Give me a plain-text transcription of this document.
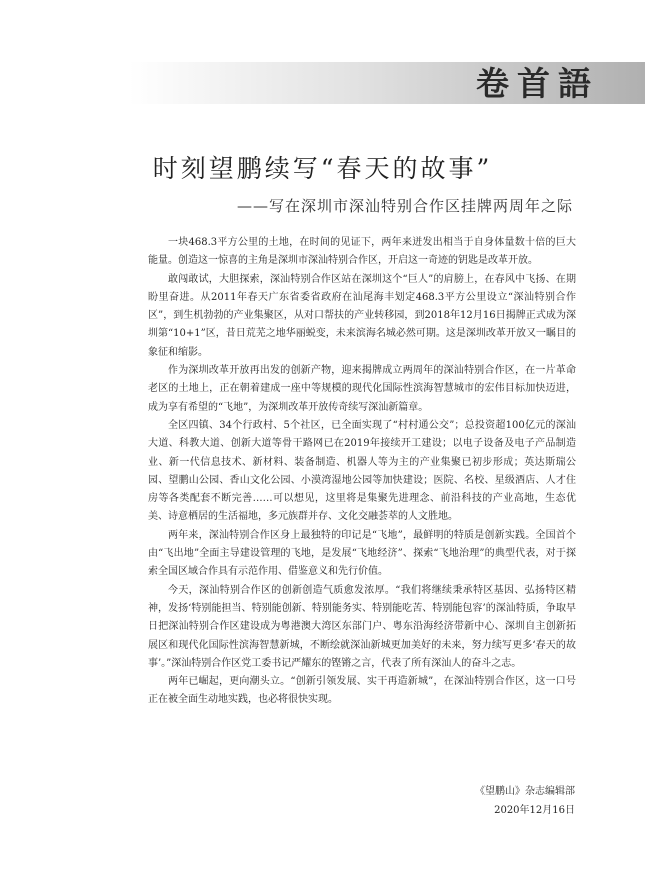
卷首語
时刻望鹏续写“春天的故事”
——写在深圳市深汕特别合作区挂牌两周年之际

一块468.3平方公里的土地，在时间的见证下，两年来迸发出相当于自身体量数十倍的巨大能量。创造这一惊喜的主角是深圳市深汕特别合作区，开启这一奇迹的钥匙是改革开放。

敢闯敢试，大胆探索，深汕特别合作区站在深圳这个“巨人”的肩膀上，在春风中飞扬、在期盼里奋进。从2011年春天广东省委省政府在汕尾海丰划定468.3平方公里设立“深汕特别合作区”，到生机勃勃的产业集聚区，从对口帮扶的产业转移园，到2018年12月16日揭牌正式成为深圳第“10+1”区，昔日荒芜之地华丽蜕变，未来滨海名城必然可期。这是深圳改革开放又一瞩目的象征和缩影。

作为深圳改革开放再出发的创新产物，迎来揭牌成立两周年的深汕特别合作区，在一片革命老区的土地上，正在朝着建成一座中等规模的现代化国际性滨海智慧城市的宏伟目标加快迈进，成为享有希望的“飞地”，为深圳改革开放传奇续写深汕新篇章。

全区四镇、34个行政村、5个社区，已全面实现了“村村通公交”；总投资超100亿元的深汕大道、科教大道、创新大道等骨干路网已在2019年接续开工建设；以电子设备及电子产品制造业、新一代信息技术、新材料、装备制造、机器人等为主的产业集聚已初步形成；英达斯瑞公园、望鹏山公园、香山文化公园、小漠湾湿地公园等加快建设；医院、名校、星级酒店、人才住房等各类配套不断完善……可以想见，这里将是集聚先进理念、前沿科技的产业高地，生态优美、诗意栖居的生活福地，多元族群并存、文化交融荟萃的人文胜地。

两年来，深汕特别合作区身上最独特的印记是“飞地”，最鲜明的特质是创新实践。全国首个由“飞出地”全面主导建设管理的飞地，是发展“飞地经济”、探索“飞地治理”的典型代表，对于探索全国区域合作具有示范作用、借鉴意义和先行价值。

今天，深汕特别合作区的创新创造气质愈发浓厚。“我们将继续秉承特区基因、弘扬特区精神，发扬‘特别能担当、特别能创新、特别能务实、特别能吃苦、特别能包容’的深汕特质，争取早日把深汕特别合作区建设成为粤港澳大湾区东部门户、粤东沿海经济带新中心、深圳自主创新拓展区和现代化国际性滨海智慧新城，不断绘就深汕新城更加美好的未来，努力续写更多‘春天的故事’。”深汕特别合作区党工委书记严耀东的铿锵之言，代表了所有深汕人的奋斗之志。

两年已崛起，更向潮头立。“创新引领发展、实干再造新城”，在深汕特别合作区，这一口号正在被全面生动地实践，也必将很快实现。

《望鹏山》杂志编辑部
2020年12月16日
